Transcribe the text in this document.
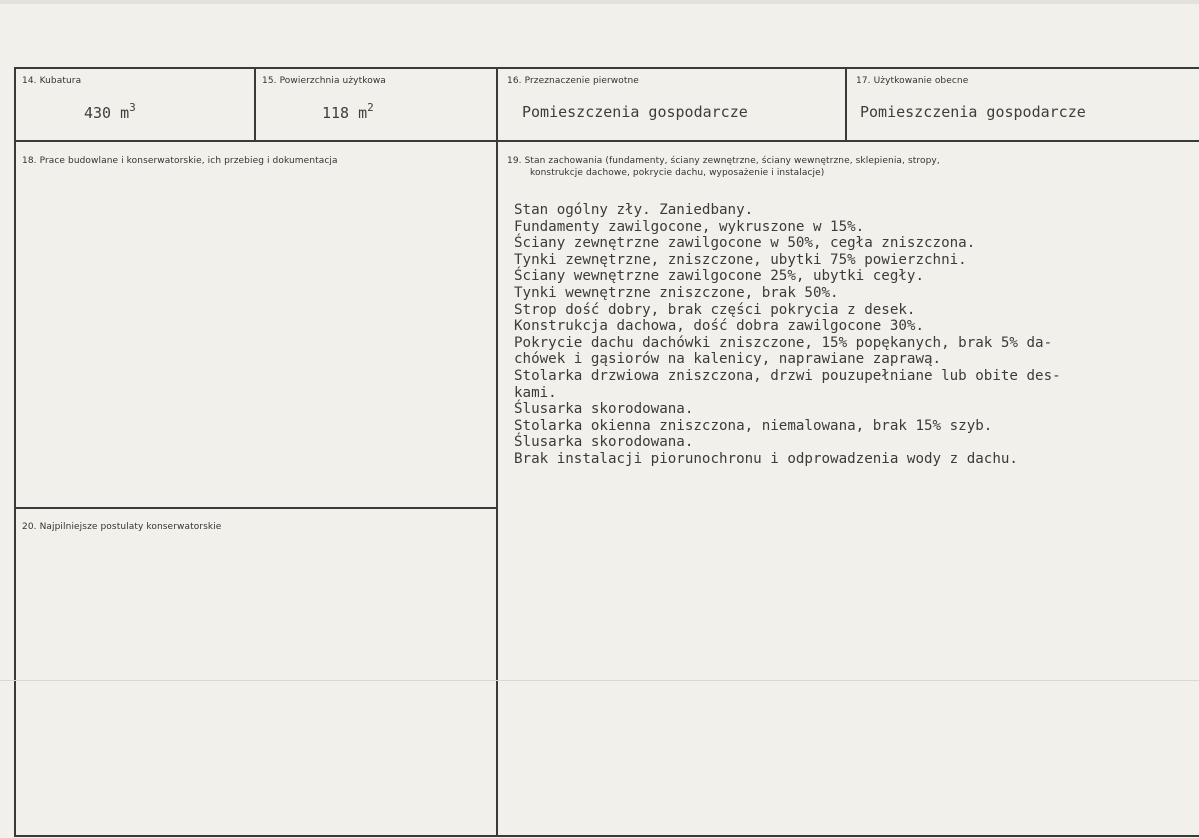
14. Kubatura
430 $m^3$
15. Powierzchnia użytkowa
118 $m^2$
16. Przeznaczenie pierwotne
Pomieszczenia gospodarcze
17. Użytkowanie obecne
Pomieszczenia gospodarcze
18. Prace budowlane i konserwatorskie, ich przebieg i dokumentacja	19. Stan zachowania (fundamenty, ściany zewnętrzne, ściany wewnętrzne, sklepienia, stropy,
konstrukcje dachowe, pokrycie dachu, wyposażenie i instalacje)
Stan ogólny zły. Zaniedbany.
Fundamenty zawilgocone, wykruszone w 15%.
Ściany zewnętrzne zawilgocone w 50%, cegła zniszczona.
Tynki zewnętrzne, zniszczone, ubytki 75% powierzchni.
Ściany wewnętrzne zawilgocone 25%, ubytki cegły.
Tynki wewnętrzne zniszczone, brak 50%.
Strop dość dobry, brak części pokrycia z desek.
Konstrukcja dachowa, dość dobra zawilgocone 30%.
Pokrycie dachu dachówki zniszczone, 15% popękanych, brak 5% da-
chówek i gąsiorów na kalenicy, naprawiane zaprawą.
Stolarka drzwiowa zniszczona, drzwi pouzupełniane lub obite des-
kami.
Ślusarka skorodowana.
Stolarka okienna zniszczona, niemalowana, brak 15% szyb.
Ślusarka skorodowana.
Brak instalacji piorunochronu i odprowadzenia wody z dachu.
20. Najpilniejsze postulaty konserwatorskie
